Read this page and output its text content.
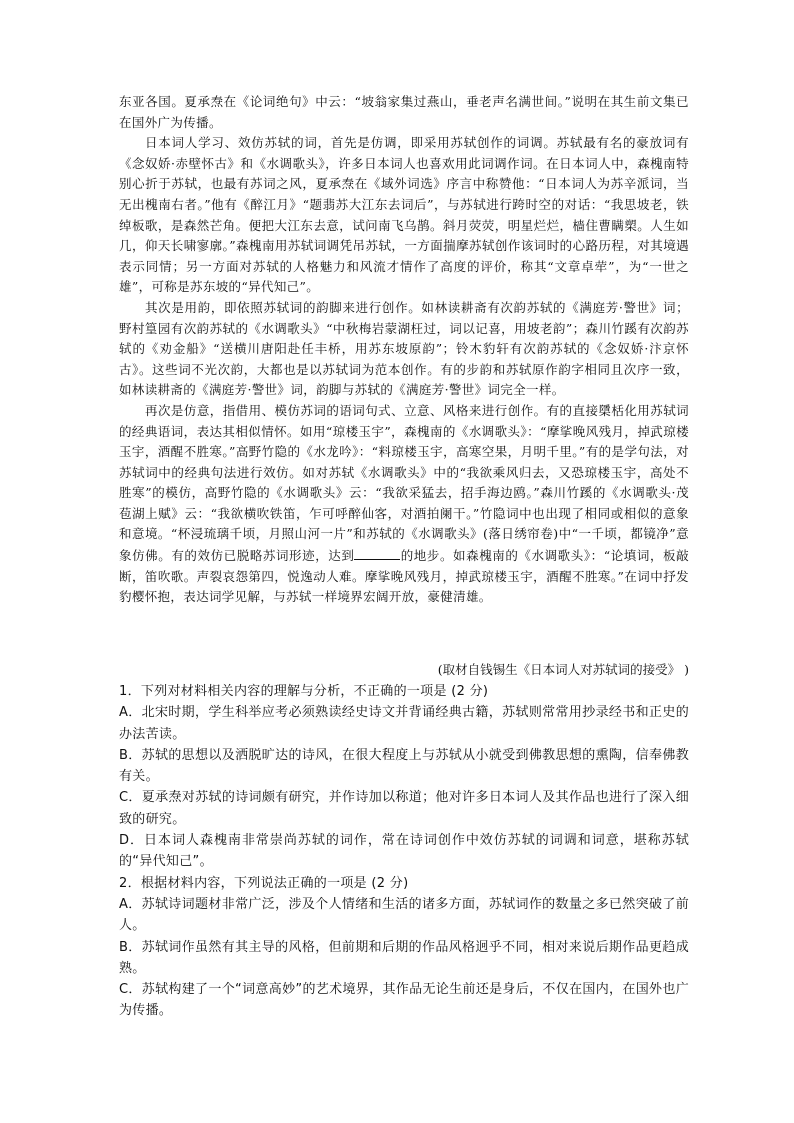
东亚各国。夏承焘在《论词绝句》中云：“坡翁家集过燕山，垂老声名满世间。”说明在其生前文集已在国外广为传播。

日本词人学习、效仿苏轼的词，首先是仿调，即采用苏轼创作的词调。苏轼最有名的豪放词有《念奴娇·赤壁怀古》和《水调歌头》，许多日本词人也喜欢用此词调作词。在日本词人中，森槐南特别心折于苏轼，也最有苏词之风，夏承焘在《域外词选》序言中称赞他：“日本词人为苏辛派词，当无出槐南右者。”他有《醉江月》“题翡苏大江东去词后”，与苏轼进行跨时空的对话：“我思坡老，铁绰板歌，是森然芒角。便把大江东去意，试问南飞乌鹊。斜月荧荧，明星烂烂，樯住曹瞒槊。人生如几，仰天长啸寥廓。”森槐南用苏轼词调凭吊苏轼，一方面揣摩苏轼创作该词时的心路历程，对其境遇表示同情；另一方面对苏轼的人格魅力和风流才情作了高度的评价，称其“文章卓荦”，为“一世之雄”，可称是苏东坡的“异代知己”。

其次是用韵，即依照苏轼词的韵脚来进行创作。如林读耕斋有次韵苏轼的《满庭芳·警世》词；野村篁园有次韵苏轼的《水调歌头》“中秋梅岩蒙湖枉过，词以记喜，用坡老韵”；森川竹蹊有次韵苏轼的《劝金船》“送横川唐阳赴任丰桥，用苏东坡原韵”；铃木豹轩有次韵苏轼的《念奴娇·汴京怀古》。这些词不光次韵，大都也是以苏轼词为范本创作。有的步韵和苏轼原作韵字相同且次序一致，如林读耕斋的《满庭芳·警世》词，韵脚与苏轼的《满庭芳·警世》词完全一样。

再次是仿意，指借用、模仿苏词的语词句式、立意、风格来进行创作。有的直接檃栝化用苏轼词的经典语词，表达其相似情怀。如用“琼楼玉宇”，森槐南的《水调歌头》：“摩挲晚风残月，掉武琼楼玉宇，酒醒不胜寒。”高野竹隐的《水龙吟》：“料琼楼玉宇，高寒空果，月明千里。”有的是学句法，对苏轼词中的经典句法进行效仿。如对苏轼《水调歌头》中的“我欲乘风归去，又恐琼楼玉宇，高处不胜寒”的模仿，高野竹隐的《水调歌头》云：“我欲采猛去，招手海边鸥。”森川竹蹊的《水调歌头·茂苞湖上赋》云：“我欲横吹铁笛，乍可呼醉仙客，对酒拍阑干。”竹隐词中也出现了相同或相似的意象和意境。“杯浸琉璃千顷，月照山河一片”和苏轼的《水调歌头》(落日绣帘卷)中“一千顷，都镜净”意象仿佛。有的效仿已脱略苏词形迹，达到	的地步。如森槐南的《水调歌头》：“论填词，板敲断，笛吹歌。声裂哀怨第四，悦逸动人难。摩挲晚风残月，掉武琼楼玉宇，酒醒不胜寒。”在词中抒发豹樱怀抱，表达词学见解，与苏轼一样境界宏阔开放，豪健清雄。

(取材自钱锡生《日本词人对苏轼词的接受》 )

1．下列对材料相关内容的理解与分析，不正确的一项是 (2 分)

A．北宋时期，学生科举应考必须熟读经史诗文并背诵经典古籍，苏轼则常常用抄录经书和正史的办法苦读。

B．苏轼的思想以及洒脱旷达的诗风，在很大程度上与苏轼从小就受到佛教思想的熏陶，信奉佛教有关。

C．夏承焘对苏轼的诗词颇有研究，并作诗加以称道；他对许多日本词人及其作品也进行了深入细致的研究。

D．日本词人森槐南非常崇尚苏轼的词作，常在诗词创作中效仿苏轼的词调和词意，堪称苏轼的“异代知己”。

2．根据材料内容，下列说法正确的一项是 (2 分)

A．苏轼诗词题材非常广泛，涉及个人情绪和生活的诸多方面，苏轼词作的数量之多已然突破了前人。

B．苏轼词作虽然有其主导的风格，但前期和后期的作品风格迥乎不同，相对来说后期作品更趋成熟。

C．苏轼构建了一个“词意高妙”的艺术境界，其作品无论生前还是身后，不仅在国内，在国外也广为传播。
